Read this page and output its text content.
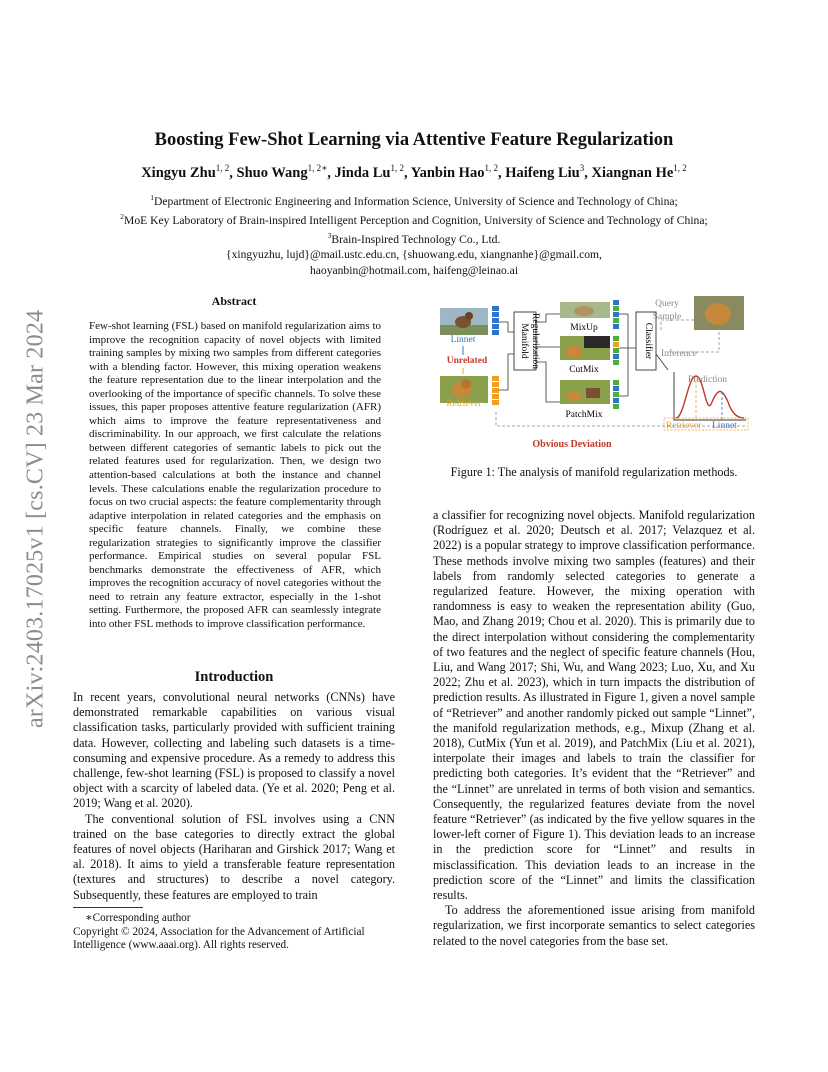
arXiv:2403.17025v1 [cs.CV] 23 Mar 2024
Boosting Few-Shot Learning via Attentive Feature Regularization
Xingyu Zhu$^{1, 2}$, Shuo Wang$^{1, 2∗}$, Jinda Lu$^{1, 2}$, Yanbin Hao$^{1, 2}$, Haifeng Liu$^3$, Xiangnan He$^{1, 2}$
$^1$Department of Electronic Engineering and Information Science, University of Science and Technology of China;
$^2$MoE Key Laboratory of Brain-inspired Intelligent Perception and Cognition, University of Science and Technology of China;
$^3$Brain-Inspired Technology Co., Ltd.
{xingyuzhu, lujd}@mail.ustc.edu.cn, {shuowang.edu, xiangnanhe}@gmail.com,
haoyanbin@hotmail.com, haifeng@leinao.ai
Abstract

Few-shot learning (FSL) based on manifold regularization aims to improve the recognition capacity of novel objects with limited training samples by mixing two samples from different categories with a blending factor. However, this mixing operation weakens the feature representation due to the linear interpolation and the overlooking of the importance of specific channels. To solve these issues, this paper proposes attentive feature regularization (AFR) which aims to improve the feature representativeness and discriminability. In our approach, we first calculate the relations between different categories of semantic labels to pick out the related features used for regularization. Then, we design two attention-based calculations at both the instance and channel levels. These calculations enable the regularization procedure to focus on two crucial aspects: the feature complementarity through adaptive interpolation in related categories and the emphasis on specific feature channels. Finally, we combine these regularization strategies to significantly improve the classifier performance. Empirical studies on several popular FSL benchmarks demonstrate the effectiveness of AFR, which improves the recognition accuracy of novel categories without the need to retrain any feature extractor, especially in the 1-shot setting. Furthermore, the proposed AFR can seamlessly integrate into other FSL methods to improve classification performance.

Introduction

In recent years, convolutional neural networks (CNNs) have demonstrated remarkable capabilities on various visual classification tasks, particularly provided with sufficient training data. However, collecting and labeling such datasets is a time-consuming and expensive procedure. As a remedy to address this challenge, few-shot learning (FSL) is proposed to classify a novel object with a scarcity of labeled data. (Ye et al. 2020; Peng et al. 2019; Wang et al. 2020).

The conventional solution of FSL involves using a CNN trained on the base categories to directly extract the global features of novel objects (Hariharan and Girshick 2017; Wang et al. 2018). It aims to yield a transferable feature representation (textures and structures) to describe a novel category. Subsequently, these features are employed to train

∗Corresponding author
Copyright © 2024, Association for the Advancement of Artificial Intelligence (www.aaai.org). All rights reserved.
Linnet
Unrelated
Retriever
Manifold Regularization	MixUp
CutMix
PatchMix
Classifier
Query
Sample
Inference
Prediction
Retriever Linnet
Obvious Deviation
Figure 1: The analysis of manifold regularization methods.

a classifier for recognizing novel objects. Manifold regularization (Rodríguez et al. 2020; Deutsch et al. 2017; Velazquez et al. 2022) is a popular strategy to improve classification performance. These methods involve mixing two samples (features) and their labels from randomly selected categories to generate a regularized feature. However, the mixing operation with randomness is easy to weaken the representation ability (Guo, Mao, and Zhang 2019; Chou et al. 2020). This is primarily due to the direct interpolation without considering the complementarity of two features and the neglect of specific feature channels (Hou, Liu, and Wang 2017; Shi, Wu, and Wang 2023; Luo, Xu, and Xu 2022; Zhu et al. 2023), which in turn impacts the distribution of prediction results. As illustrated in Figure 1, given a novel sample of “Retriever” and another randomly picked out sample “Linnet”, the manifold regularization methods, e.g., Mixup (Zhang et al. 2018), CutMix (Yun et al. 2019), and PatchMix (Liu et al. 2021), interpolate their images and labels to train the classifier for predicting both categories. It’s evident that the “Retriever” and the “Linnet” are unrelated in terms of both vision and semantics. Consequently, the regularized features deviate from the novel feature “Retriever” (as indicated by the five yellow squares in the lower-left corner of Figure 1). This deviation leads to an increase in the prediction score for “Linnet” and results in misclassification. This deviation leads to an increase in the prediction score of the “Linnet” and limits the classification results.

To address the aforementioned issue arising from manifold regularization, we first incorporate semantics to select categories related to the novel categories from the base set.
